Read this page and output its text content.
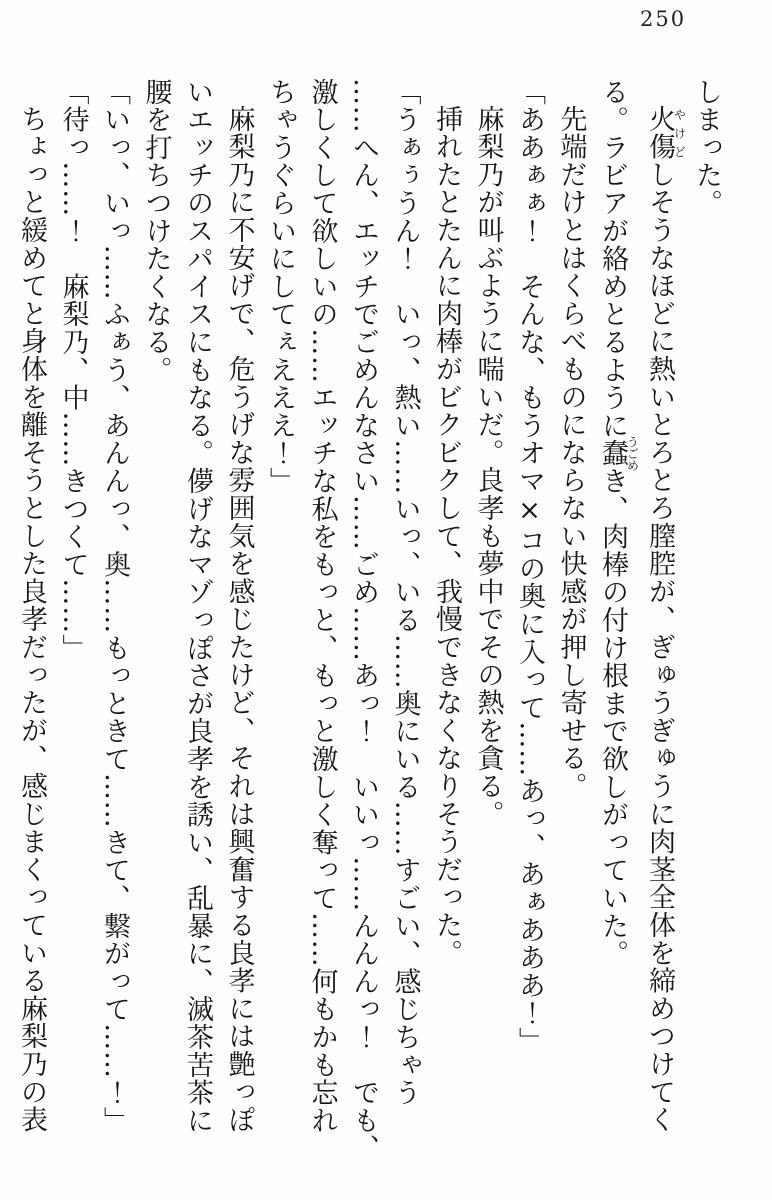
250
しまった。
火傷やけどしそうなほどに熱いとろとろ膣腔が、ぎゅうぎゅうに肉茎全体を締めつけてく
る。ラビアが絡めとるように蠢うごめき、肉棒の付け根まで欲しがっていた。
先端だけとはくらべものにならない快感が押し寄せる。
「ああぁぁ！　そんな、もうオマ×コの奥に入って……あっ、あぁあああ！」
麻梨乃が叫ぶように喘いだ。良孝も夢中でその熱を貪る。
挿れたとたんに肉棒がビクビクして、我慢できなくなりそうだった。
「うぁぅうん！　いっ、熱い……いっ、いる……奥にいる……すごい、感じちゃう
……へん、エッチでごめんなさい……ごめ……あっ！　いいっ……んんんっ！　でも、
激しくして欲しいの……エッチな私をもっと、もっと激しく奪って……何もかも忘れ
ちゃうぐらいにしてぇえええ！」
麻梨乃に不安げで、危うげな雰囲気を感じたけど、それは興奮する良孝には艶っぽ
いエッチのスパイスにもなる。儚げなマゾっぽさが良孝を誘い、乱暴に、滅茶苦茶に
腰を打ちつけたくなる。
「いっ、いっ……ふぁう、あんんっ、奥……もっときて……きて、繋がって……！」
「待っ……！　麻梨乃、中……きつくて……」
ちょっと緩めてと身体を離そうとした良孝だったが、感じまくっている麻梨乃の表
